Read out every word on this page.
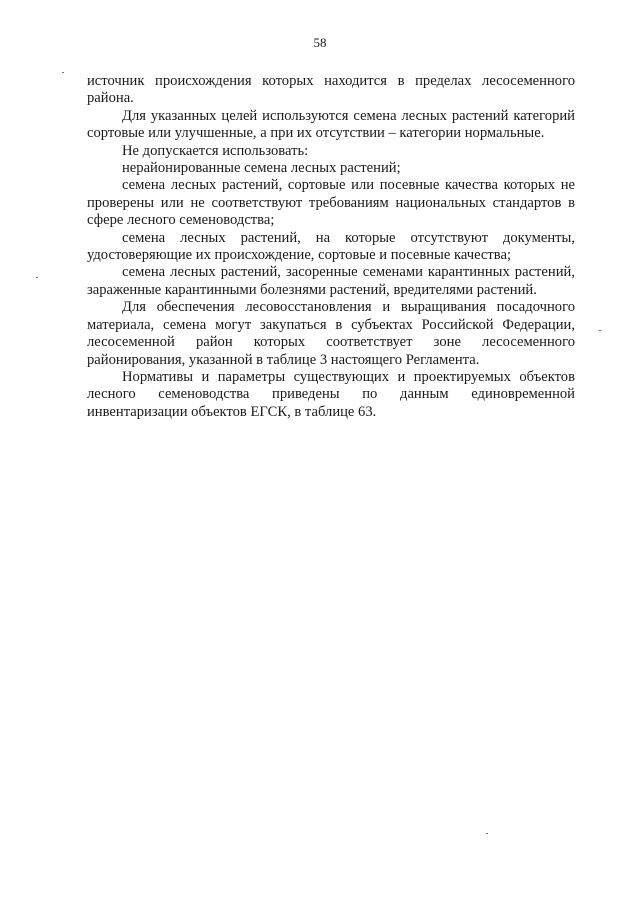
58

источник происхождения которых находится в пределах лесосеменного района.

Для указанных целей используются семена лесных растений категорий сортовые или улучшенные, а при их отсутствии – категории нормальные.

Не допускается использовать:

нерайонированные семена лесных растений;

семена лесных растений, сортовые или посевные качества которых не проверены или не соответствуют требованиям национальных стандартов в сфере лесного семеноводства;

семена лесных растений, на которые отсутствуют документы, удостоверяющие их происхождение, сортовые и посевные качества;

семена лесных растений, засоренные семенами карантинных растений, зараженные карантинными болезнями растений, вредителями растений.

Для обеспечения лесовосстановления и выращивания посадочного материала, семена могут закупаться в субъектах Российской Федерации, лесосеменной район которых соответствует зоне лесосеменного районирования, указанной в таблице 3 настоящего Регламента.

Нормативы и параметры существующих и проектируемых объектов лесного семеноводства приведены по данным единовременной инвентаризации объектов ЕГСК, в таблице 63.
